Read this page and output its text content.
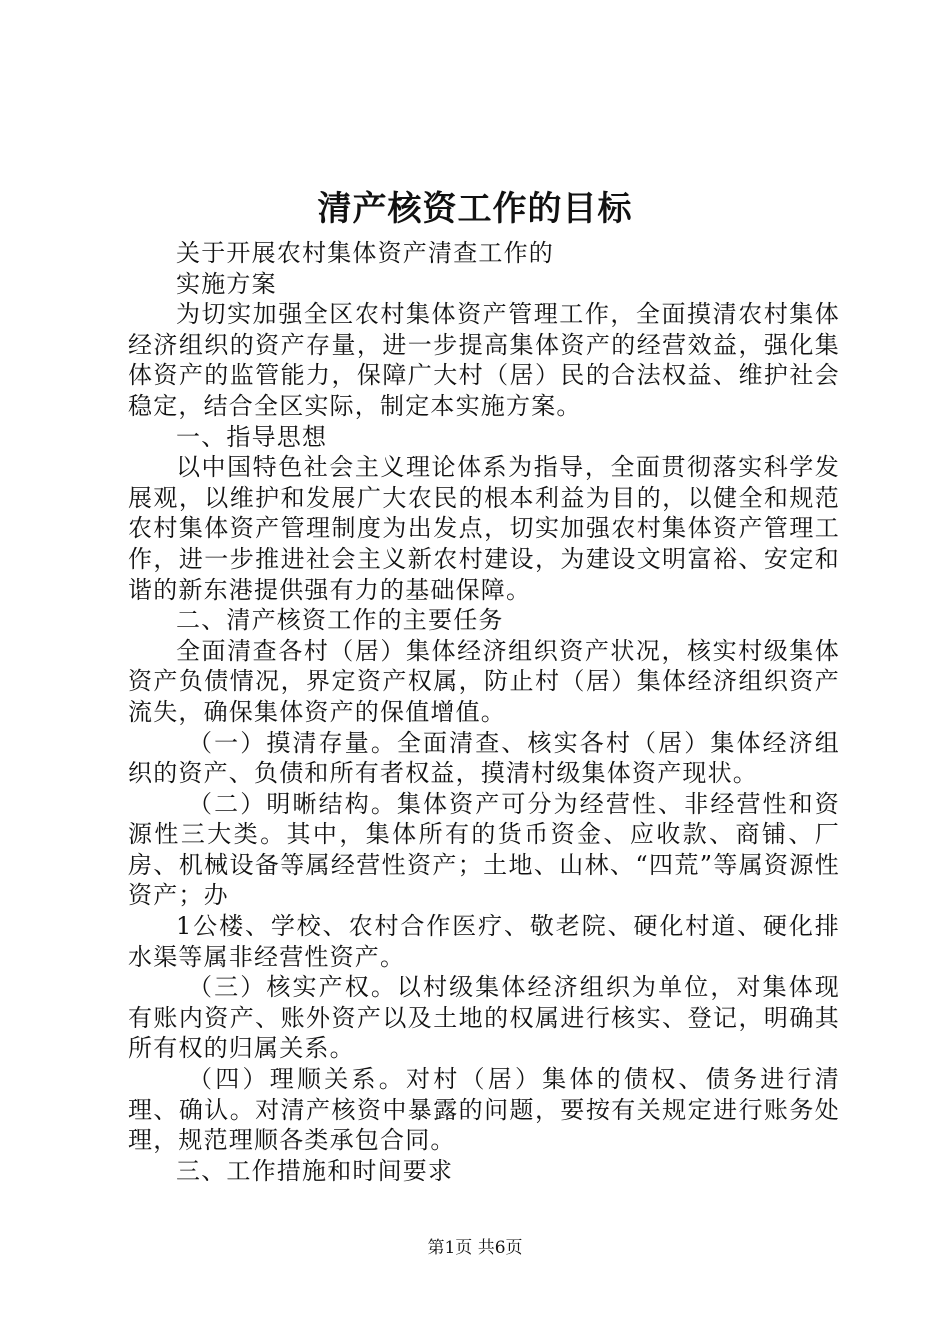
清产核资工作的目标

关于开展农村集体资产清查工作的

实施方案

为切实加强全区农村集体资产管理工作，全面摸清农村集体经济组织的资产存量，进一步提高集体资产的经营效益，强化集体资产的监管能力，保障广大村（居）民的合法权益、维护社会稳定，结合全区实际，制定本实施方案。

一、指导思想

以中国特色社会主义理论体系为指导，全面贯彻落实科学发展观，以维护和发展广大农民的根本利益为目的，以健全和规范农村集体资产管理制度为出发点，切实加强农村集体资产管理工作，进一步推进社会主义新农村建设，为建设文明富裕、安定和谐的新东港提供强有力的基础保障。

二、清产核资工作的主要任务

全面清查各村（居）集体经济组织资产状况，核实村级集体资产负债情况，界定资产权属，防止村（居）集体经济组织资产流失，确保集体资产的保值增值。

（一）摸清存量。全面清查、核实各村（居）集体经济组织的资产、负债和所有者权益，摸清村级集体资产现状。

（二）明晰结构。集体资产可分为经营性、非经营性和资源性三大类。其中，集体所有的货币资金、应收款、商铺、厂房、机械设备等属经营性资产；土地、山林、“四荒”等属资源性资产；办

1公楼、学校、农村合作医疗、敬老院、硬化村道、硬化排水渠等属非经营性资产。

（三）核实产权。以村级集体经济组织为单位，对集体现有账内资产、账外资产以及土地的权属进行核实、登记，明确其所有权的归属关系。

（四）理顺关系。对村（居）集体的债权、债务进行清理、确认。对清产核资中暴露的问题，要按有关规定进行账务处理，规范理顺各类承包合同。

三、工作措施和时间要求

第1页 共6页
